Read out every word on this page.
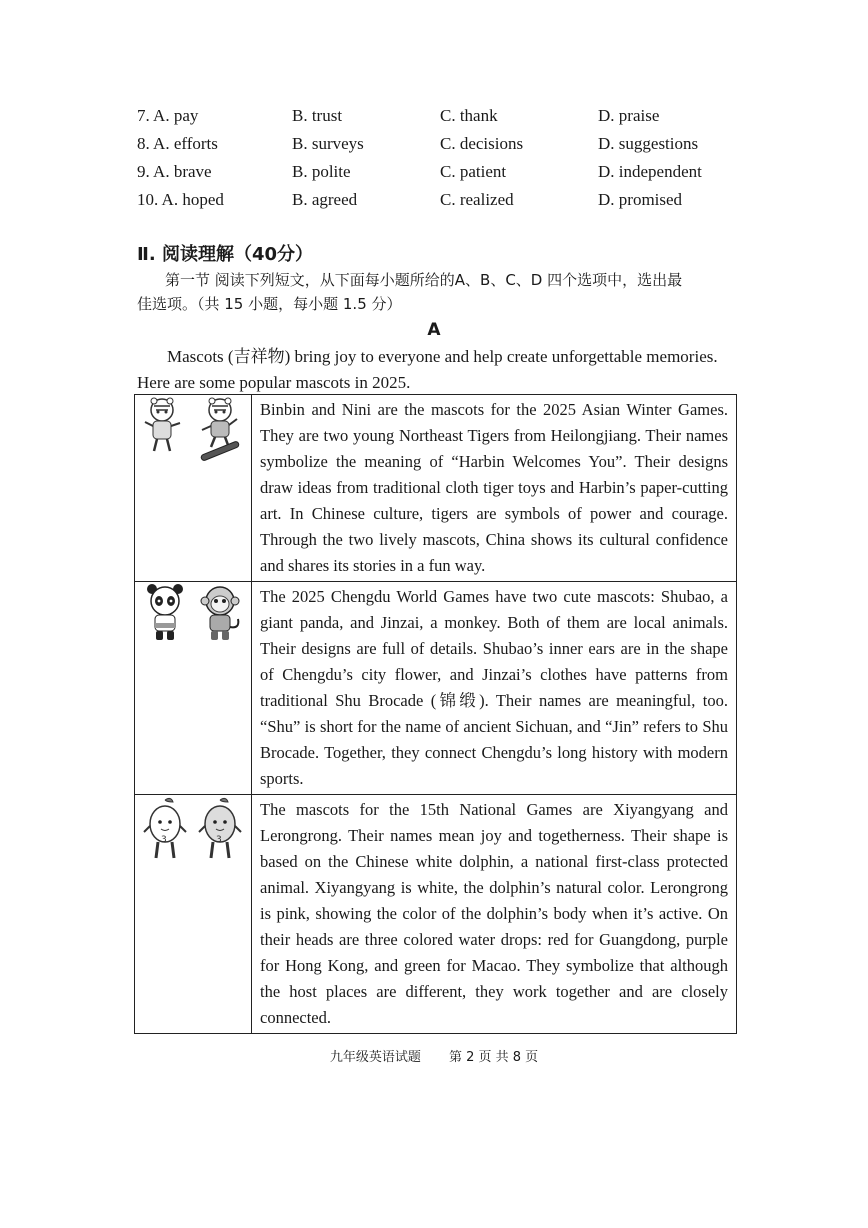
7. A. pay	B. trust	C. thank	D. praise
8. A. efforts	B. surveys	C. decisions	D. suggestions
9. A. brave	B. polite	C. patient	D. independent
10. A. hoped	B. agreed	C. realized	D. promised
Ⅱ. 阅读理解（40分）
第一节 阅读下列短文，从下面每小题所给的A、B、C、D 四个选项中，选出最
佳选项。（共 15 小题，每小题 1.5 分）
A
Mascots (吉祥物) bring joy to everyone and help create unforgettable memories.
Here are some popular mascots in 2025.
	Binbin and Nini are the mascots for the 2025 Asian Winter Games. They are two young Northeast Tigers from Heilongjiang. Their names symbolize the meaning of “Harbin Welcomes You”. Their designs draw ideas from traditional cloth tiger toys and Harbin’s paper-cutting art. In Chinese culture, tigers are symbols of power and courage. Through the two lively mascots, China shows its cultural confidence and shares its stories in a fun way.
	The 2025 Chengdu World Games have two cute mascots: Shubao, a giant panda, and Jinzai, a monkey. Both of them are local animals. Their designs are full of details. Shubao’s inner ears are in the shape of Chengdu’s city flower, and Jinzai’s clothes have patterns from traditional Shu Brocade (锦缎). Their names are meaningful, too. “Shu” is short for the name of ancient Sichuan, and “Jin” refers to Shu Brocade. Together, they connect Chengdu’s long history with modern sports.

3 3	The mascots for the 15th National Games are Xiyangyang and Lerongrong. Their names mean joy and togetherness. Their shape is based on the Chinese white dolphin, a national first-class protected animal. Xiyangyang is white, the dolphin’s natural color. Lerongrong is pink, showing the color of the dolphin’s body when it’s active. On their heads are three colored water drops: red for Guangdong, purple for Hong Kong, and green for Macao. They symbolize that although the host places are different, they work together and are closely connected.
九年级英语试题 第 2 页 共 8 页
